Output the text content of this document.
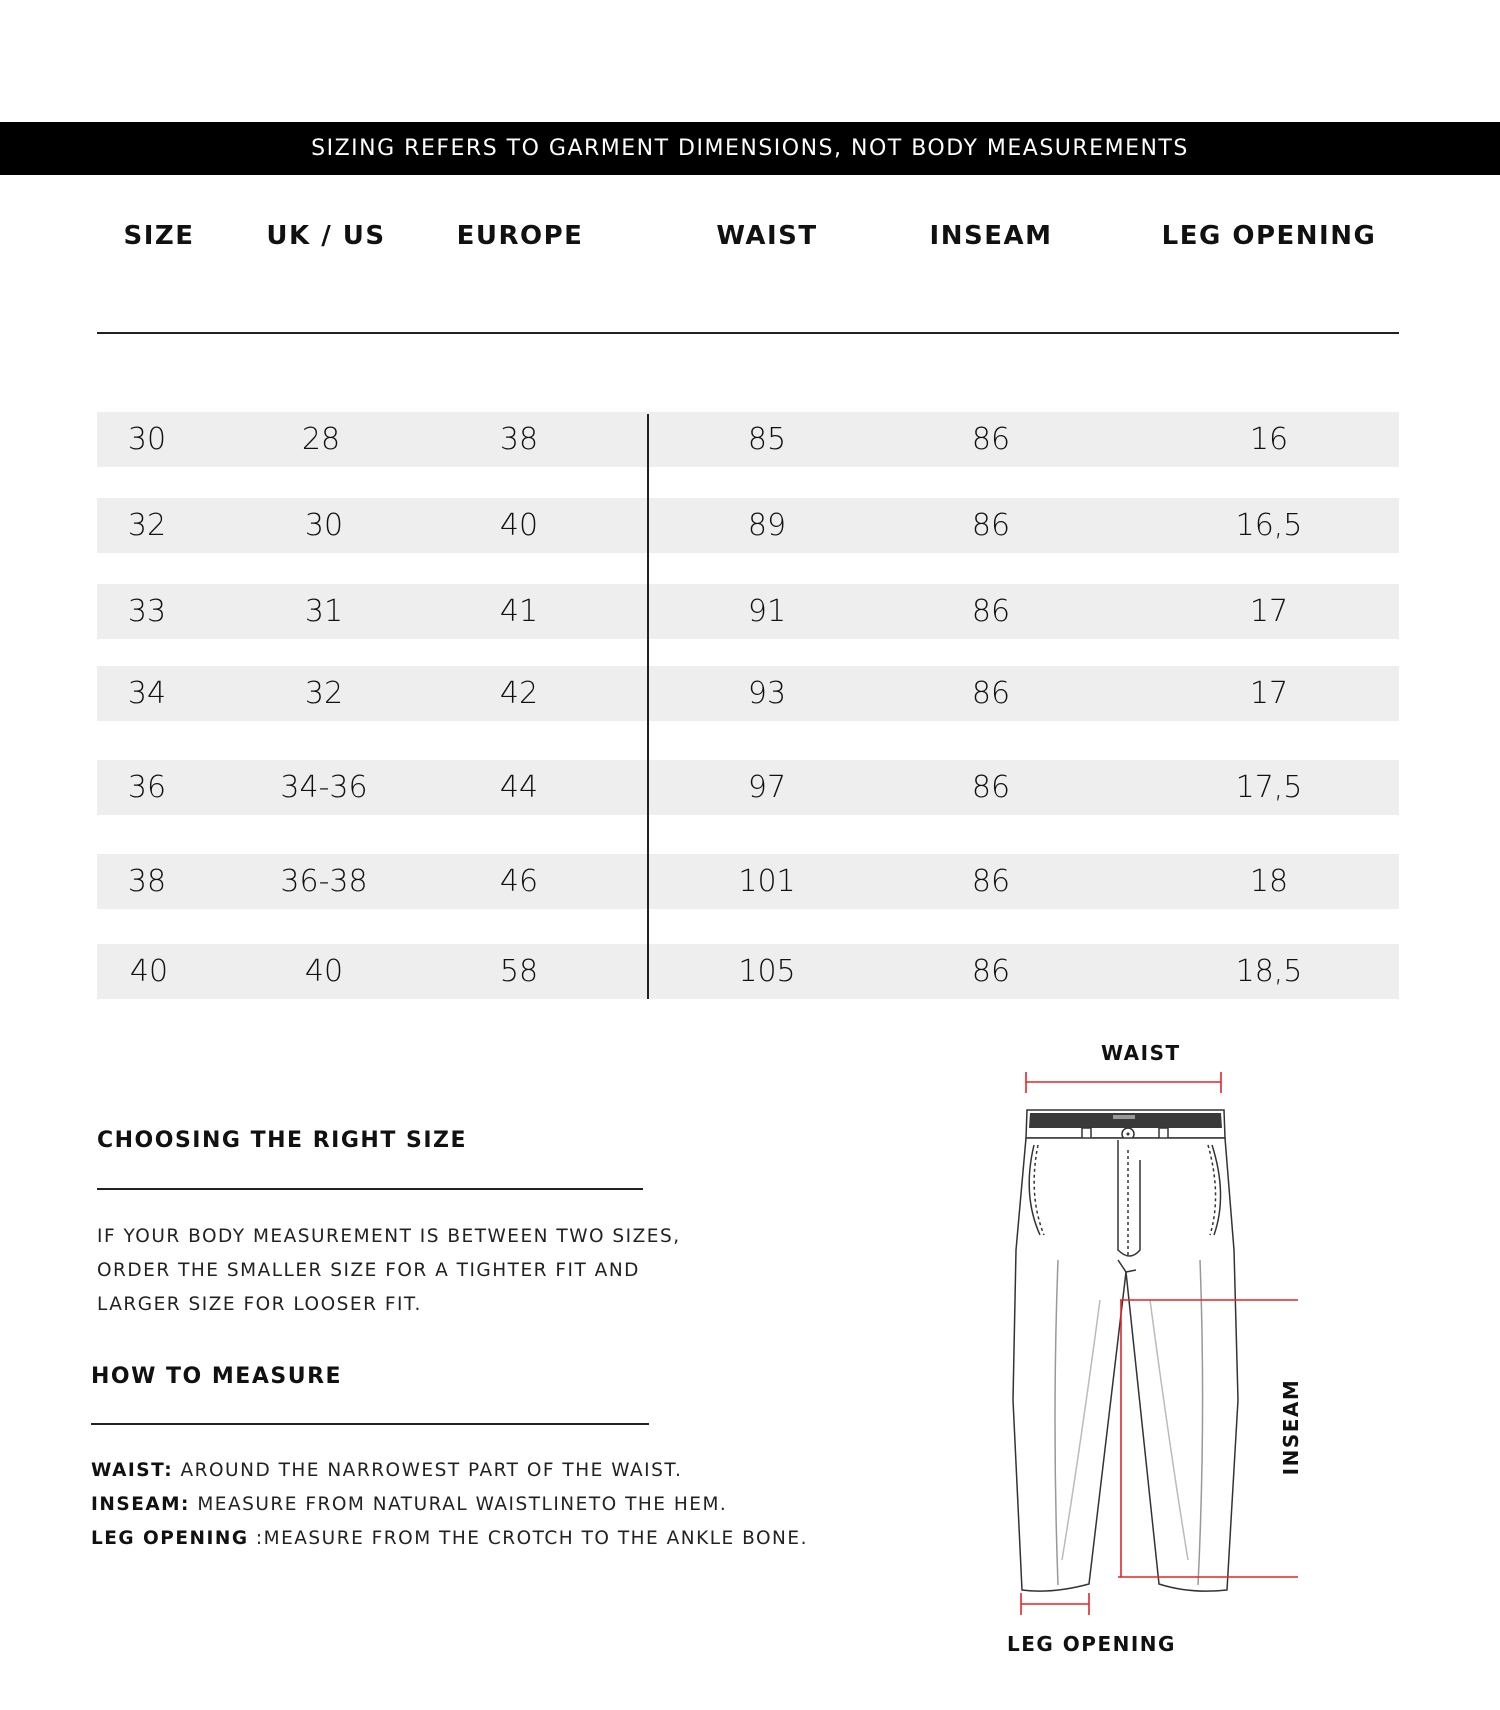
SIZING REFERS TO GARMENT DIMENSIONS, NOT BODY MEASUREMENTS
SIZE	UK / US	EUROPE	WAIST	INSEAM	LEG OPENING
30	28	38	85	86	16
32	30	40	89	86	16,5
33	31	41	91	86	17
34	32	42	93	86	17
36	34-36	44	97	86	17,5
38	36-38	46	101	86	18
40	40	58	105	86	18,5
CHOOSING THE RIGHT SIZE
IF YOUR BODY MEASUREMENT IS BETWEEN TWO SIZES,
ORDER THE SMALLER SIZE FOR A TIGHTER FIT AND
LARGER SIZE FOR LOOSER FIT.
HOW TO MEASURE
WAIST: AROUND THE NARROWEST PART OF THE WAIST.
INSEAM: MEASURE FROM NATURAL WAISTLINETO THE HEM.
LEG OPENING :MEASURE FROM THE CROTCH TO THE ANKLE BONE.
WAIST
LEG OPENING
INSEAM
